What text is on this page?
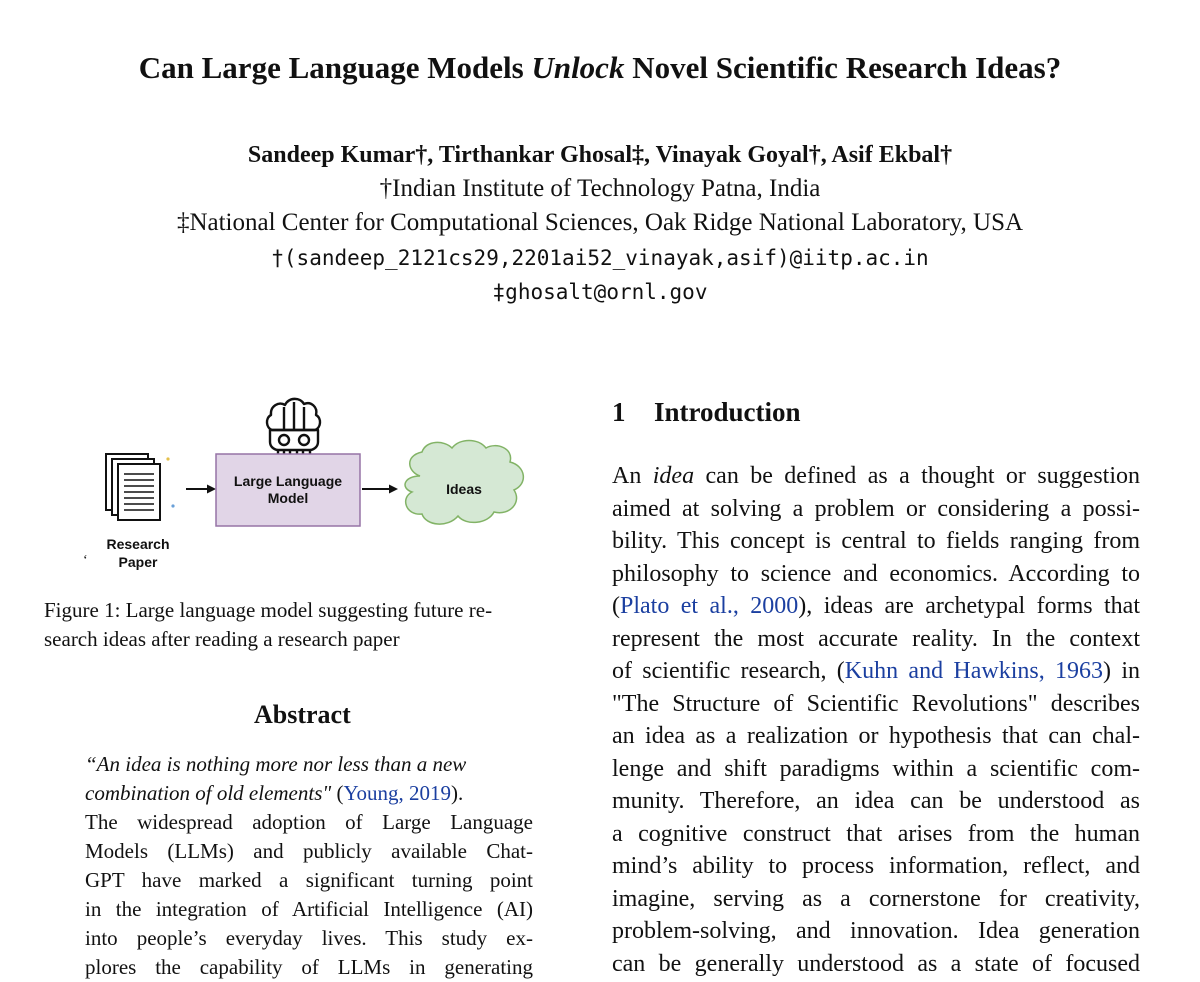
Can Large Language Models Unlock Novel Scientific Research Ideas?
Sandeep Kumar†, Tirthankar Ghosal‡, Vinayak Goyal†, Asif Ekbal†
†Indian Institute of Technology Patna, India
‡National Center for Computational Sciences, Oak Ridge National Laboratory, USA
†(sandeep_2121cs29,2201ai52_vinayak,asif)@iitp.ac.in
‡ghosalt@ornl.gov
Research
Paper
‘
Large Language
Model
Ideas
Figure 1: Large language model suggesting future re-
search ideas after reading a research paper
Abstract
“An idea is nothing more nor less than a new
combination of old elements" (Young, 2019).
The widespread adoption of Large Language
Models (LLMs) and publicly available Chat-
GPT have marked a significant turning point
in the integration of Artificial Intelligence (AI)
into people’s everyday lives. This study ex-
plores the capability of LLMs in generating
1 Introduction
An idea can be defined as a thought or suggestion
aimed at solving a problem or considering a possi-
bility. This concept is central to fields ranging from
philosophy to science and economics. According to
(Plato et al., 2000), ideas are archetypal forms that
represent the most accurate reality. In the context
of scientific research, (Kuhn and Hawkins, 1963) in
"The Structure of Scientific Revolutions" describes
an idea as a realization or hypothesis that can chal-
lenge and shift paradigms within a scientific com-
munity. Therefore, an idea can be understood as
a cognitive construct that arises from the human
mind’s ability to process information, reflect, and
imagine, serving as a cornerstone for creativity,
problem-solving, and innovation. Idea generation
can be generally understood as a state of focused
